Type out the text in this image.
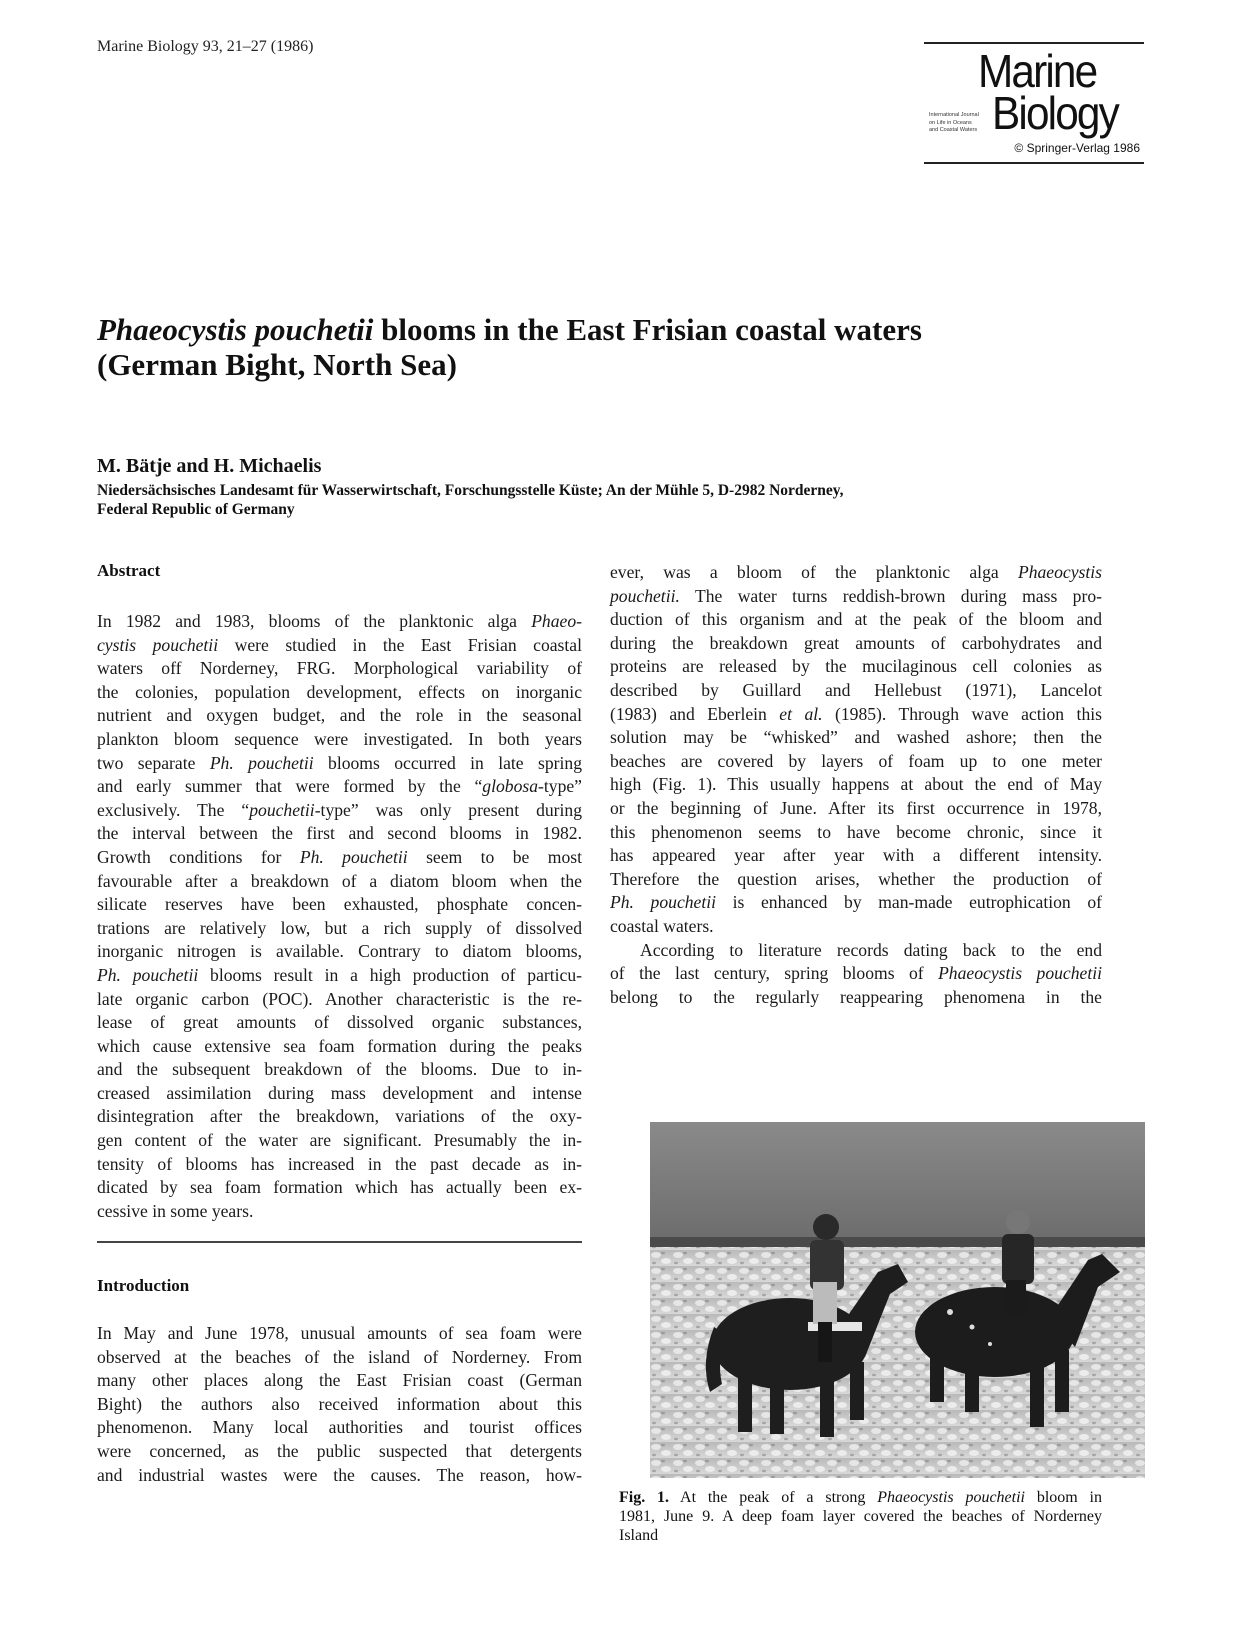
Marine Biology 93, 21–27 (1986)	Marine
International Journal
on Life in Oceans
and Coastal Waters Biology
© Springer-Verlag 1986
Phaeocystis pouchetii blooms in the East Frisian coastal waters
(German Bight, North Sea)
M. Bätje and H. Michaelis
Niedersächsisches Landesamt für Wasserwirtschaft, Forschungsstelle Küste; An der Mühle 5, D-2982 Norderney,
Federal Republic of Germany
Abstract
In 1982 and 1983, blooms of the planktonic alga Phaeo-
cystis pouchetii were studied in the East Frisian coastal
waters off Norderney, FRG. Morphological variability of
the colonies, population development, effects on inorganic
nutrient and oxygen budget, and the role in the seasonal
plankton bloom sequence were investigated. In both years
two separate Ph. pouchetii blooms occurred in late spring
and early summer that were formed by the “globosa-type”
exclusively. The “pouchetii-type” was only present during
the interval between the first and second blooms in 1982.
Growth conditions for Ph. pouchetii seem to be most
favourable after a breakdown of a diatom bloom when the
silicate reserves have been exhausted, phosphate concen-
trations are relatively low, but a rich supply of dissolved
inorganic nitrogen is available. Contrary to diatom blooms,
Ph. pouchetii blooms result in a high production of particu-
late organic carbon (POC). Another characteristic is the re-
lease of great amounts of dissolved organic substances,
which cause extensive sea foam formation during the peaks
and the subsequent breakdown of the blooms. Due to in-
creased assimilation during mass development and intense
disintegration after the breakdown, variations of the oxy-
gen content of the water are significant. Presumably the in-
tensity of blooms has increased in the past decade as in-
dicated by sea foam formation which has actually been ex-
cessive in some years.
Introduction
In May and June 1978, unusual amounts of sea foam were
observed at the beaches of the island of Norderney. From
many other places along the East Frisian coast (German
Bight) the authors also received information about this
phenomenon. Many local authorities and tourist offices
were concerned, as the public suspected that detergents
and industrial wastes were the causes. The reason, how-
ever, was a bloom of the planktonic alga Phaeocystis
pouchetii. The water turns reddish-brown during mass pro-
duction of this organism and at the peak of the bloom and
during the breakdown great amounts of carbohydrates and
proteins are released by the mucilaginous cell colonies as
described by Guillard and Hellebust (1971), Lancelot
(1983) and Eberlein et al. (1985). Through wave action this
solution may be “whisked” and washed ashore; then the
beaches are covered by layers of foam up to one meter
high (Fig. 1). This usually happens at about the end of May
or the beginning of June. After its first occurrence in 1978,
this phenomenon seems to have become chronic, since it
has appeared year after year with a different intensity.
Therefore the question arises, whether the production of
Ph. pouchetii is enhanced by man-made eutrophication of
coastal waters.
According to literature records dating back to the end
of the last century, spring blooms of Phaeocystis pouchetii
belong to the regularly reappearing phenomena in the
Fig. 1. At the peak of a strong Phaeocystis pouchetii bloom in
1981, June 9. A deep foam layer covered the beaches of Norderney
Island
